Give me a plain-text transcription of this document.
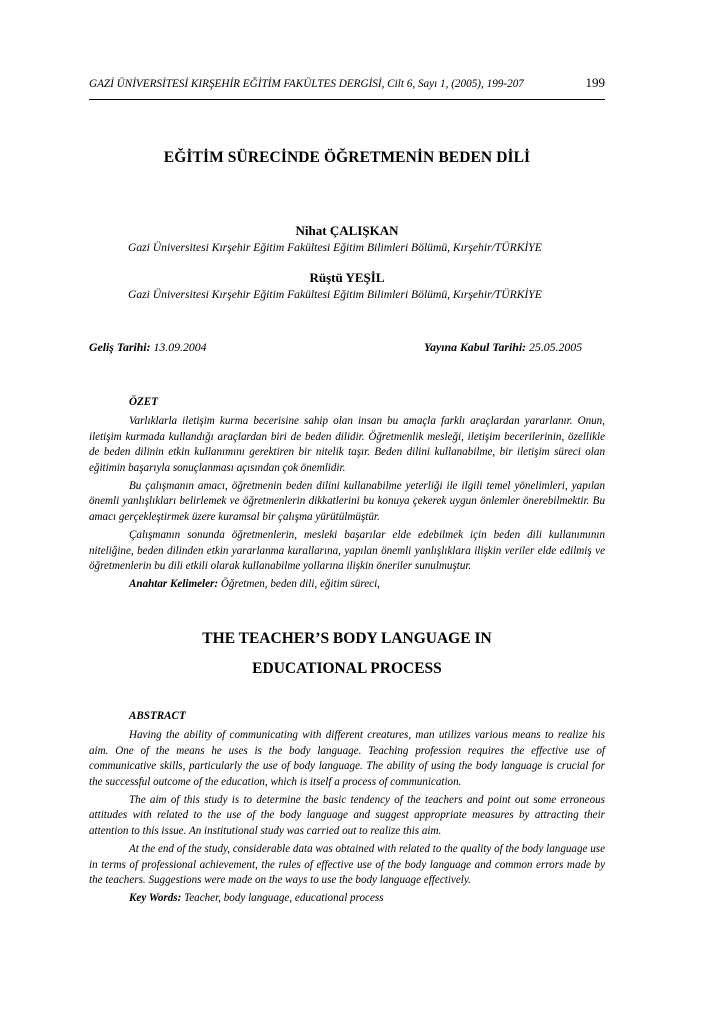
GAZİ ÜNİVERSİTESİ KIRŞEHİR EĞİTİM FAKÜLTES DERGİSİ, Cilt 6, Sayı 1, (2005), 199-207	199
EĞİTİM SÜRECİNDE ÖĞRETMENİN BEDEN DİLİ
Nihat ÇALIŞKAN
Gazi Üniversitesi Kırşehir Eğitim Fakültesi Eğitim Bilimleri Bölümü, Kırşehir/TÜRKİYE
Rüştü YEŞİL
Gazi Üniversitesi Kırşehir Eğitim Fakültesi Eğitim Bilimleri Bölümü, Kırşehir/TÜRKİYE
Geliş Tarihi: 13.09.2004	Yayına Kabul Tarihi: 25.05.2005
ÖZET

Varlıklarla iletişim kurma becerisine sahip olan insan bu amaçla farklı araçlardan yararlanır. Onun, iletişim kurmada kullandığı araçlardan biri de beden dilidir. Öğretmenlik mesleği, iletişim becerilerinin, özellikle de beden dilinin etkin kullanımını gerektiren bir nitelik taşır. Beden dilini kullanabilme, bir iletişim süreci olan eğitimin başarıyla sonuçlanması açısından çok önemlidir.

Bu çalışmanın amacı, öğretmenin beden dilini kullanabilme yeterliği ile ilgili temel yönelimleri, yapılan önemli yanlışlıkları belirlemek ve öğretmenlerin dikkatlerini bu konuya çekerek uygun önlemler önerebilmektir. Bu amacı gerçekleştirmek üzere kuramsal bir çalışma yürütülmüştür.

Çalışmanın sonunda öğretmenlerin, mesleki başarılar elde edebilmek için beden dili kullanımının niteliğine, beden dilinden etkin yararlanma kurallarına, yapılan önemli yanlışlıklara ilişkin veriler elde edilmiş ve öğretmenlerin bu dili etkili olarak kullanabilme yollarına ilişkin öneriler sunulmuştur.

Anahtar Kelimeler: Öğretmen, beden dili, eğitim süreci,
THE TEACHER’S BODY LANGUAGE IN
EDUCATIONAL PROCESS
ABSTRACT

Having the ability of communicating with different creatures, man utilizes various means to realize his aim. One of the means he uses is the body language. Teaching profession requires the effective use of communicative skills, particularly the use of body language. The ability of using the body language is crucial for the successful outcome of the education, which is itself a process of communication.

The aim of this study is to determine the basic tendency of the teachers and point out some erroneous attitudes with related to the use of the body language and suggest appropriate measures by attracting their attention to this issue. An institutional study was carried out to realize this aim.

At the end of the study, considerable data was obtained with related to the quality of the body language use in terms of professional achievement, the rules of effective use of the body language and common errors made by the teachers. Suggestions were made on the ways to use the body language effectively.

Key Words: Teacher, body language, educational process
